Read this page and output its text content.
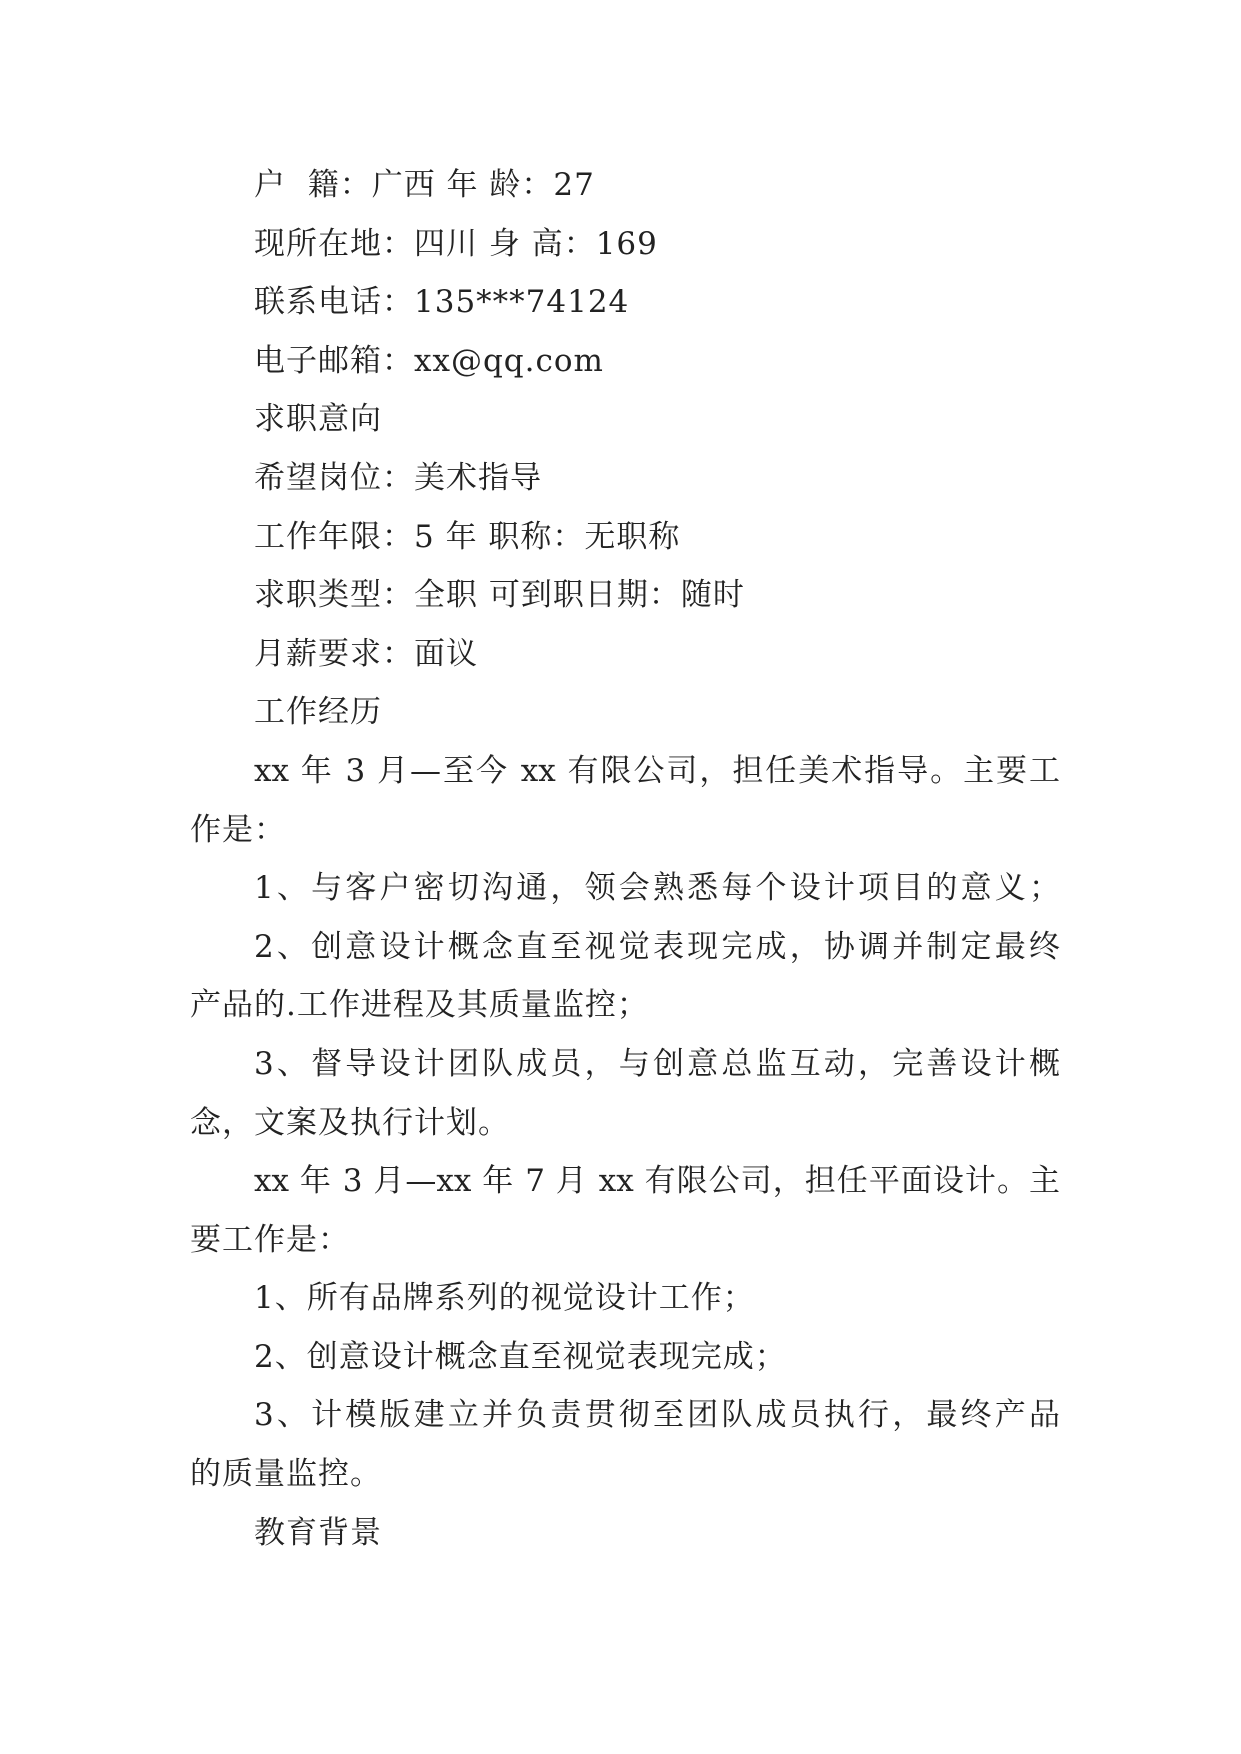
户  籍：广西 年 龄：27
现所在地：四川 身 高：169
联系电话：135***74124
电子邮箱：xx@qq.com
求职意向
希望岗位：美术指导
工作年限：5 年 职称：无职称
求职类型：全职 可到职日期：随时
月薪要求：面议
工作经历
xx 年 3 月—至今 xx 有限公司，担任美术指导。主要工
作是：
1、与客户密切沟通，领会熟悉每个设计项目的意义；
2、创意设计概念直至视觉表现完成，协调并制定最终
产品的.工作进程及其质量监控；
3、督导设计团队成员，与创意总监互动，完善设计概
念，文案及执行计划。
xx 年 3 月—xx 年 7 月 xx 有限公司，担任平面设计。主
要工作是：
1、所有品牌系列的视觉设计工作；
2、创意设计概念直至视觉表现完成；
3、计模版建立并负责贯彻至团队成员执行，最终产品
的质量监控。
教育背景
